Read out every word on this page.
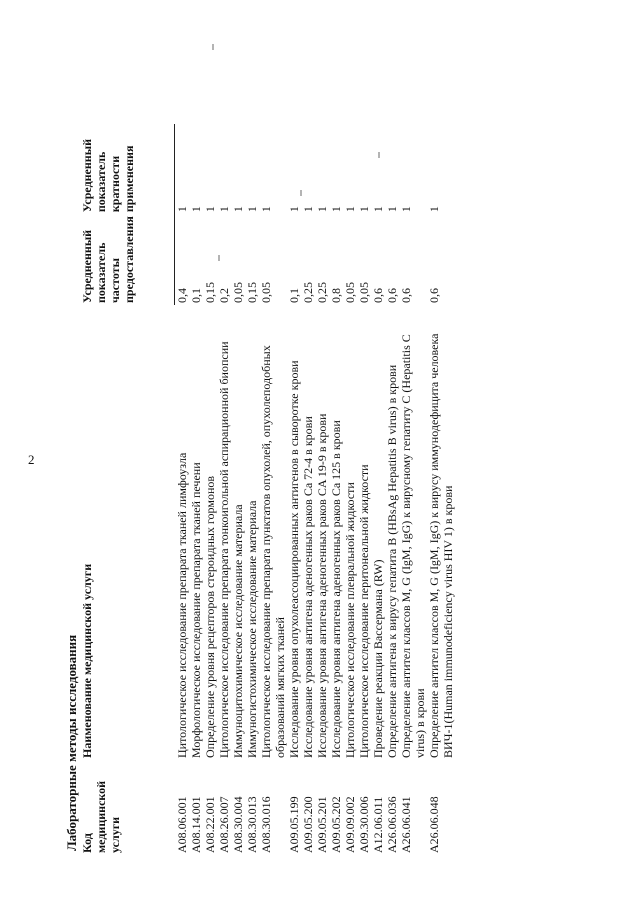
2
Лабораторные методы исследования Код медицинской услуги	Наименование медицинской услуги	Усредненный показатель частоты предоставления	Усредненный показатель кратности применения
A08.06.001	Цитологическое исследование препарата тканей лимфоузла	0,4	1
A08.14.001	Морфологическое исследование препарата тканей печени	0,1	1
A08.22.001	Определение уровня рецепторов стероидных гормонов	0,15	1
A08.26.007	Цитологическое исследование препарата тонкоигольной аспирационной биопсии	0,2	1
A08.30.004	Иммуноцитохимическое исследование материала	0,05	1
A08.30.013	Иммуногистохимическое исследование материала	0,15	1
A08.30.016	Цитологическое исследование препарата пунктатов опухолей, опухолеподобных образований мягких тканей	0,05	1
A09.05.199	Исследование уровня опухолеассоциированных антигенов в сыворотке крови	0,1	1
A09.05.200	Исследование уровня антигена аденогенных раков Ca 72-4 в крови	0,25	1
A09.05.201	Исследование уровня антигена аденогенных раков CA 19-9 в крови	0,25	1
A09.05.202	Исследование уровня антигена аденогенных раков Ca 125 в крови	0,8	1
A09.09.002	Цитологическое исследование плевральной жидкости	0,05	1
A09.30.006	Цитологическое исследование перитонеальной жидкости	0,05	1
A12.06.011	Проведение реакции Вассермана (RW)	0,6	1
A26.06.036	Определение антигена к вирусу гепатита B (HBsAg Hepatitis B virus) в крови	0,6	1
A26.06.041	Определение антител классов M, G (IgM, IgG) к вирусному гепатиту C (Hepatitis C virus) в крови	0,6	1
A26.06.048	Определение антител классов M, G (IgM, IgG) к вирусу иммунодефицита человека ВИЧ-1(Human immunodeficiency virus HIV 1) в крови	0,6	1
